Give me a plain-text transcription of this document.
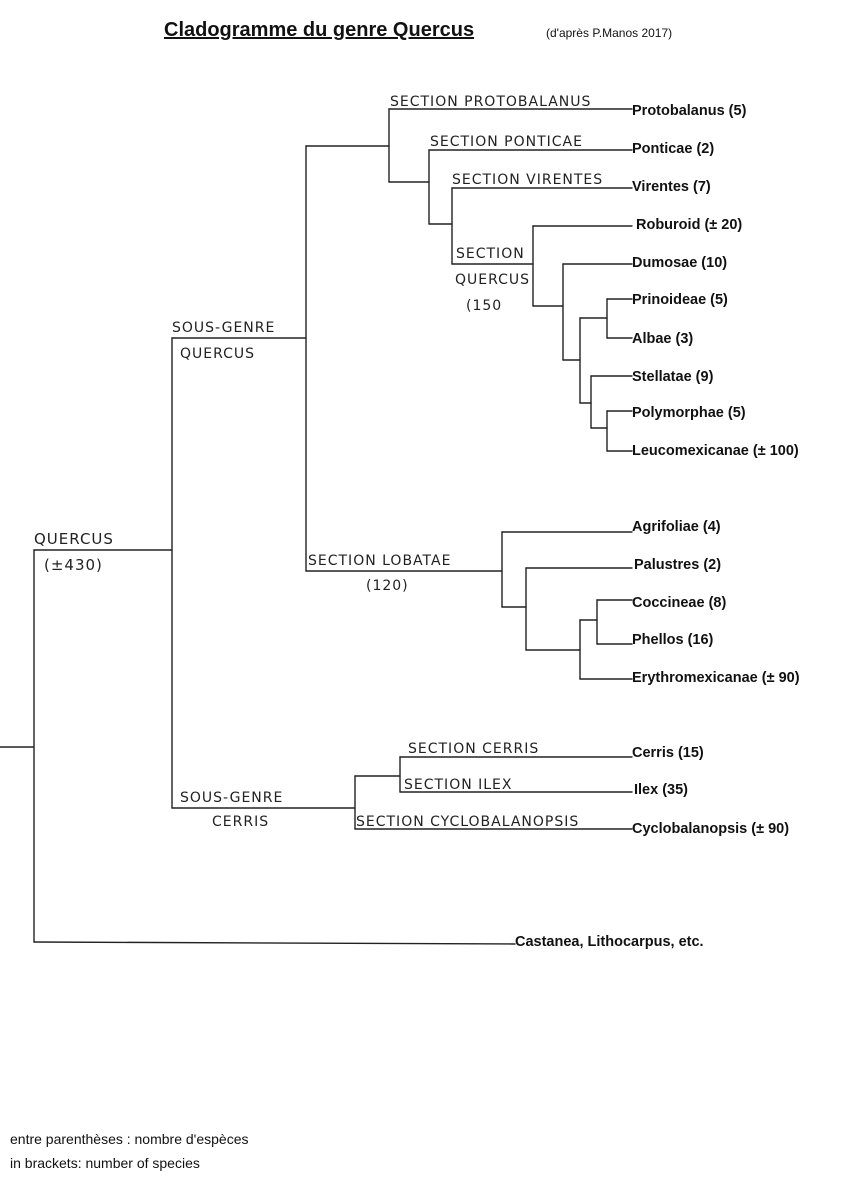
Cladogramme du genre Quercus	(d'après P.Manos 2017)
Protobalanus (5)
Ponticae (2)
Virentes (7)
Roburoid (± 20)
Dumosae (10)
Prinoideae (5)
Albae (3)
Stellatae (9)
Polymorphae (5)
Leucomexicanae (± 100)
Agrifoliae (4)
Palustres (2)
Coccineae (8)
Phellos (16)
Erythromexicanae (± 90)
Cerris (15)
Ilex (35)
Cyclobalanopsis (± 90)
Castanea, Lithocarpus, etc.
QUERCUS
(±430)
SOUS-GENRE
QUERCUS
SOUS-GENRE
CERRIS
SECTION PROTOBALANUS
SECTION PONTICAE
SECTION VIRENTES
SECTION
QUERCUS
(150
SECTION LOBATAE
(120)
SECTION CERRIS
SECTION ILEX
SECTION CYCLOBALANOPSIS
entre parenthèses : nombre d'espèces
in brackets: number of species
